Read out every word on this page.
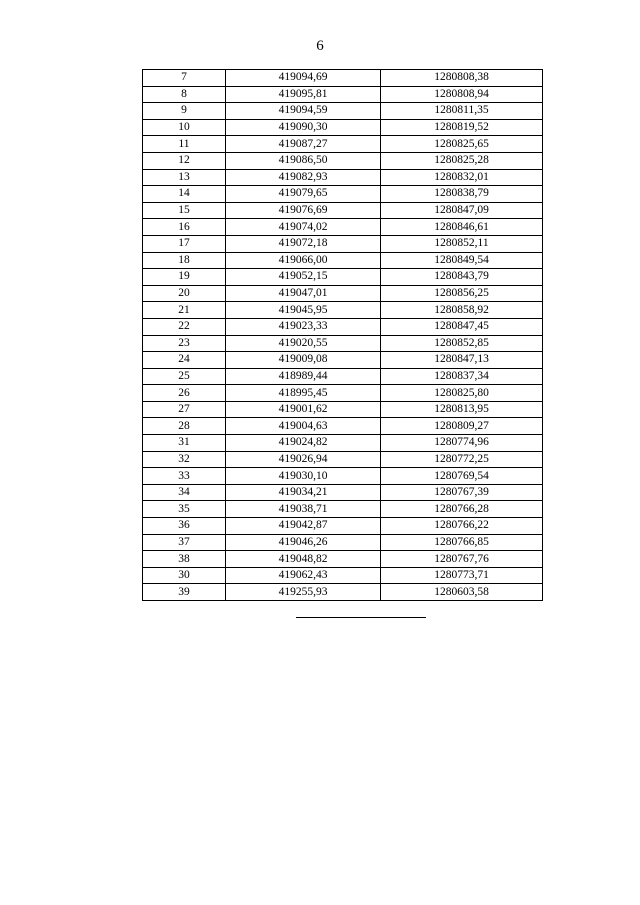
6
7	419094,69	1280808,38
8	419095,81	1280808,94
9	419094,59	1280811,35
10	419090,30	1280819,52
11	419087,27	1280825,65
12	419086,50	1280825,28
13	419082,93	1280832,01
14	419079,65	1280838,79
15	419076,69	1280847,09
16	419074,02	1280846,61
17	419072,18	1280852,11
18	419066,00	1280849,54
19	419052,15	1280843,79
20	419047,01	1280856,25
21	419045,95	1280858,92
22	419023,33	1280847,45
23	419020,55	1280852,85
24	419009,08	1280847,13
25	418989,44	1280837,34
26	418995,45	1280825,80
27	419001,62	1280813,95
28	419004,63	1280809,27
31	419024,82	1280774,96
32	419026,94	1280772,25
33	419030,10	1280769,54
34	419034,21	1280767,39
35	419038,71	1280766,28
36	419042,87	1280766,22
37	419046,26	1280766,85
38	419048,82	1280767,76
30	419062,43	1280773,71
39	419255,93	1280603,58
